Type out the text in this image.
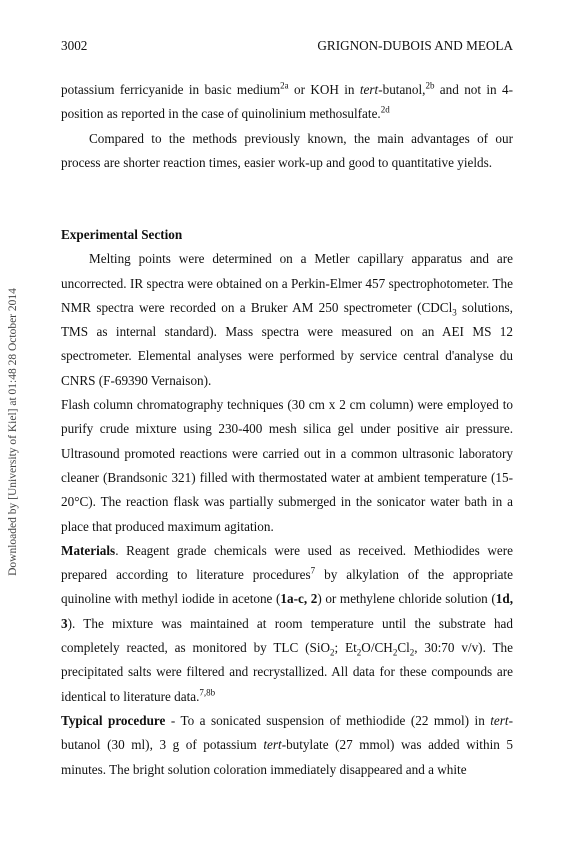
Downloaded by [University of Kiel] at 01:48 28 October 2014
3002	GRIGNON-DUBOIS AND MEOLA

potassium ferricyanide in basic medium$^{2a}$ or KOH in tert-butanol,$^{2b}$ and not in 4-position as reported in the case of quinolinium methosulfate.$^{2d}$

Compared to the methods previously known, the main advantages of our process are shorter reaction times, easier work-up and good to quantitative yields.

Experimental Section

Melting points were determined on a Metler capillary apparatus and are uncorrected. IR spectra were obtained on a Perkin-Elmer 457 spectrophotometer. The NMR spectra were recorded on a Bruker AM 250 spectrometer (CDCl$_3$ solutions, TMS as internal standard). Mass spectra were measured on an AEI MS 12 spectrometer. Elemental analyses were performed by service central d'analyse du CNRS (F-69390 Vernaison).

Flash column chromatography techniques (30 cm x 2 cm column) were employed to purify crude mixture using 230-400 mesh silica gel under positive air pressure. Ultrasound promoted reactions were carried out in a common ultrasonic laboratory cleaner (Brandsonic 321) filled with thermostated water at ambient temperature (15-20°C). The reaction flask was partially submerged in the sonicator water bath in a place that produced maximum agitation.

Materials. Reagent grade chemicals were used as received. Methiodides were prepared according to literature procedures$^7$ by alkylation of the appropriate quinoline with methyl iodide in acetone (1a-c, 2) or methylene chloride solution (1d, 3). The mixture was maintained at room temperature until the substrate had completely reacted, as monitored by TLC (SiO$_2$; $Et_2O/CH_2Cl_2$, 30:70 v/v). The precipitated salts were filtered and recrystallized. All data for these compounds are identical to literature data.$^{7,8b}$

Typical procedure - To a sonicated suspension of methiodide (22 mmol) in tert-butanol (30 ml), 3 g of potassium tert-butylate (27 mmol) was added within 5 minutes. The bright solution coloration immediately disappeared and a white
